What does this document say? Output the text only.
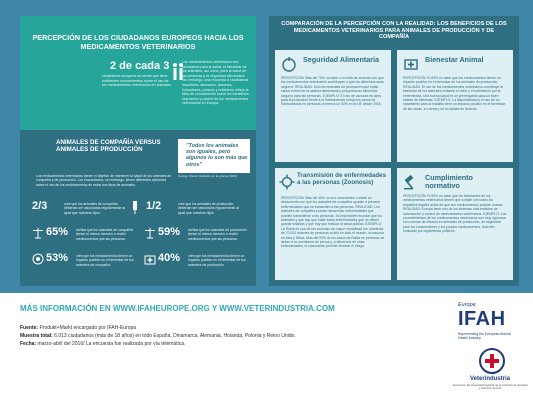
PERCEPCIÓN DE LOS CIUDADANOS EUROPEOS HACIA LOS MEDICAMENTOS VETERINARIOS

2 de cada 3

ciudadanos europeos se siente que tiene suficientes conocimientos sobre el uso de los medicamentos veterinarios en animales

Los medicamentos veterinarios son necesarios para la salud, el bienestar de los animales, así como, para la salud de las personas y la seguridad alimentaria. Sin embargo, una encuesta a ciudadanos españoles, alemanes, daneses, holandeses, polacos y británicos refleja la falta de conocimiento sobre los beneficios, regulación y control de los medicamentos veterinarios en Europa.

ANIMALES DE COMPAÑÍA VERSUS ANIMALES DE PRODUCCIÓN

"Todos los animales son iguales, pero algunos lo son más que otros"

George Orwell, Rebelión en la granja (1945)

Los medicamentos veterinarios tienen el objetivo de mantener la salud de los animales de compañía y de producción. Los encuestados, sin embargo, tienen diferentes opiniones sobre el uso de los medicamentos en estos dos tipos de animales.

2/3	cree que los animales de compañía deberían ser vacunados regularmente al igual que nuestros hijos.

1/2	cree que los animales de producción deberían ser vacunados regularmente al igual que nuestros hijos.

65% señala que los animales de compañía tienen el mismo derecho a recibir medicamentos que las personas.

59% señala que los animales de producción tienen el mismo derecho a recibir medicamentos que las personas.

53% cree que los medicamentos tienen un impacto positivo en el bienestar de los animales de compañía.

40% cree que los medicamentos tienen un impacto positivo en el bienestar de los animales de producción.

COMPARACIÓN DE LA PERCEPCIÓN CON LA REALIDAD: LOS BENEFICIOS DE LOS MEDICAMENTOS VETERINARIOS PARA ANIMALES DE PRODUCCIÓN Y DE COMPAÑÍA

Seguridad Alimentaria

PERCEPCIÓN: Más del 70% no sabe o no está de acuerdo con que los medicamentos veterinarios contribuyen a que los alimentos sean seguros. REALIDAD: Sólo los animales de producción que están sanos entran en la cadena alimentaria y proporcionan alimentos seguros para las personas. EJEMPLO: El uso de vacunas en aves para la protección frente a la Salmonelosis redujo los casos de Salmonelosis en personas al menos un 50% en la UE desde 2004.

Bienestar Animal

PERCEPCIÓN: El 60% no sabe que los medicamentos tienen un impacto positivo en el bienestar de los animales de producción. REALIDAD: El uso de los medicamentos veterinarios contribuye al bienestar de los animales evitando el dolor y el sufrimiento por la enfermedad. Una buena salud es un prerrequisito para un buen estado de bienestar. EJEMPLO: La disponibilidad y el uso de un tratamiento para la mastitis tiene un impacto positivo en el bienestar de las vacas, en cierta y en la calidad de la leche.

Transmisión de enfermedades a las personas (Zoonosis)

PERCEPCIÓN: Más del 40% no son conscientes o están en desacuerdo con que los animales de compañía ayudan a prevenir enfermedades que se transmiten a las personas. REALIDAD: Los animales de compañía pueden desarrollar enfermedades que pueden transmitirse a las personas. Es importante recordar que los animales y que hay que tratar estas enfermedades que no deben quedar tratadas y que hay que evaluar la salud pública. EJEMPLO: La Rabia es una de las zoonosis de mayor mortalidad con alrededor de 70.000 muertes de personas al año en todo el mundo, la mayoría en Asia y África. Más del 99% de los casos de Rabia en personas se deben a la mordedura de perros y, a diferencia de otras enfermedades, la vacunación permite eliminar el riesgo.

Cumplimiento normativo

PERCEPCIÓN: El 50% no sabe que los fabricantes de los medicamentos veterinarios tienen que cumplir con todos los requisitos legales antes de que sus medicamentos puedan usarse. REALIDAD: Europa tiene uno de los sistemas más estrictos de autorización y control de medicamentos veterinarios. EJEMPLO: Los procedimientos de los medicamentos veterinarios son muy rigurosos con normas de eficacia en animales de producción, de seguridad para los consumidores y los propios medicamentos, todo ello evaluado por organismos públicos.

MÁS INFORMACIÓN EN WWW.IFAHEUROPE.ORG Y WWW.VETERINDUSTRIA.COM

Fuente: Produkt+Markt encargado por IFAH-Europa

Muestra total: 6.013 ciudadanos (más de 18 años) en todo España, Dinamarca, Alemania, Holanda, Polonia y Reino Unido.

Fecha: marzo-abril del 2016/ La encuesta fue realizada por vía telemática.

Europe

IFAH

Representing the European Animal Health Industry

Veterindustria

Asociación Empresarial Española de la Industria de Sanidad y Nutrición Animal
